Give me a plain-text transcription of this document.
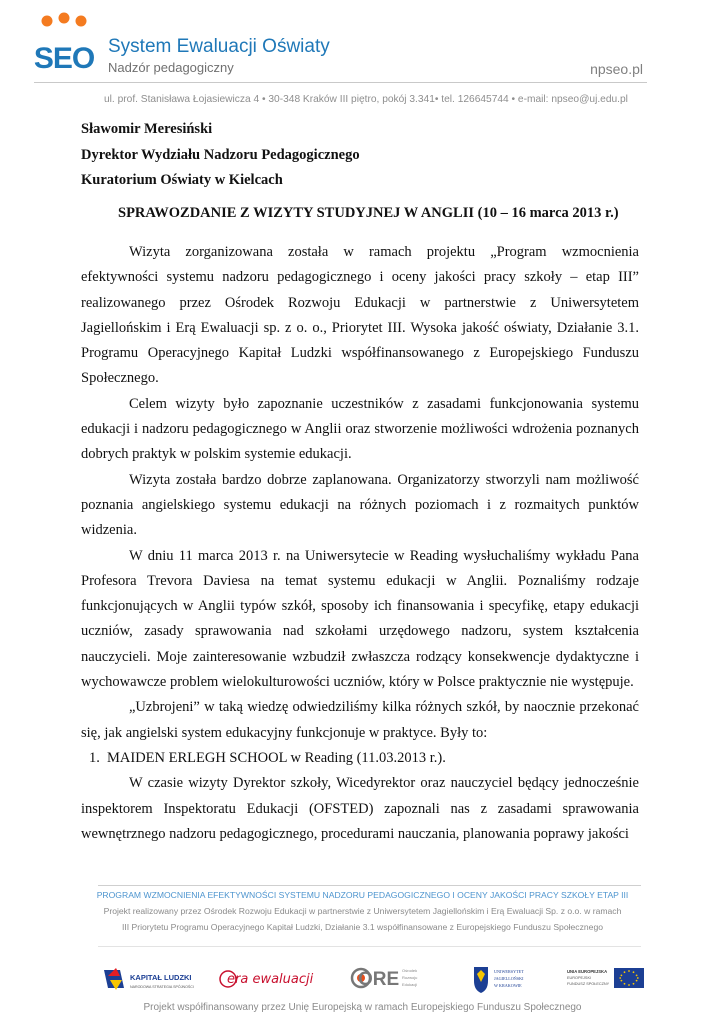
SEO System Ewaluacji Oświaty
Nadzór pedagogiczny	npseo.pl
ul. prof. Stanisława Łojasiewicza 4 • 30-348 Kraków III piętro, pokój 3.341• tel. 126645744 • e-mail: npseo@uj.edu.pl
Sławomir Meresiński
Dyrektor Wydziału Nadzoru Pedagogicznego
Kuratorium Oświaty w Kielcach
SPRAWOZDANIE Z WIZYTY STUDYJNEJ W ANGLII (10 – 16 marca 2013 r.)

Wizyta zorganizowana została w ramach projektu „Program wzmocnienia efektywności systemu nadzoru pedagogicznego i oceny jakości pracy szkoły – etap III” realizowanego przez Ośrodek Rozwoju Edukacji w partnerstwie z Uniwersytetem Jagiellońskim i Erą Ewaluacji sp. z o. o., Priorytet III. Wysoka jakość oświaty, Działanie 3.1. Programu Operacyjnego Kapitał Ludzki współfinansowanego z Europejskiego Funduszu Społecznego.

Celem wizyty było zapoznanie uczestników z zasadami funkcjonowania systemu edukacji i nadzoru pedagogicznego w Anglii oraz stworzenie możliwości wdrożenia poznanych dobrych praktyk w polskim systemie edukacji.

Wizyta została bardzo dobrze zaplanowana. Organizatorzy stworzyli nam możliwość poznania angielskiego systemu edukacji na różnych poziomach i z rozmaitych punktów widzenia.

W dniu 11 marca 2013 r. na Uniwersytecie w Reading wysłuchaliśmy wykładu Pana Profesora Trevora Daviesa na temat systemu edukacji w Anglii. Poznaliśmy rodzaje funkcjonujących w Anglii typów szkół, sposoby ich finansowania i specyfikę, etapy edukacji uczniów, zasady sprawowania nad szkołami urzędowego nadzoru, system kształcenia nauczycieli. Moje zainteresowanie wzbudził zwłaszcza rodzący konsekwencje dydaktyczne i wychowawcze problem wielokulturowości uczniów, który w Polsce praktycznie nie występuje.

„Uzbrojeni” w taką wiedzę odwiedziliśmy kilka różnych szkół, by naocznie przekonać się, jak angielski system edukacyjny funkcjonuje w praktyce. Były to:

1. MAIDEN ERLEGH SCHOOL w Reading (11.03.2013 r.).

W czasie wizyty Dyrektor szkoły, Wicedyrektor oraz nauczyciel będący jednocześnie inspektorem Inspektoratu Edukacji (OFSTED) zapoznali nas z zasadami sprawowania wewnętrznego nadzoru pedagogicznego, procedurami nauczania, planowania poprawy jakości

PROGRAM WZMOCNIENIA EFEKTYWNOŚCI SYSTEMU NADZORU PEDAGOGICZNEGO I OCENY JAKOŚCI PRACY SZKOŁY ETAP III
Projekt realizowany przez Ośrodek Rozwoju Edukacji w partnerstwie z Uniwersytetem Jagiellońskim i Erą Ewaluacji Sp. z o.o. w ramach
III Priorytetu Programu Operacyjnego Kapitał Ludzki, Działanie 3.1 współfinansowane z Europejskiego Funduszu Społecznego
KAPITAŁ LUDZKI
NARODOWA STRATEGIA SPÓJNOŚCI	era ewaluacji ORE Ośrodek
Rozwoju
Edukacji
UNIWERSYTET
JAGIELLOŃSKI
W KRAKOWIE
UNIA EUROPEJSKA
EUROPEJSKI
FUNDUSZ SPOŁECZNY
Projekt współfinansowany przez Unię Europejską w ramach Europejskiego Funduszu Społecznego
